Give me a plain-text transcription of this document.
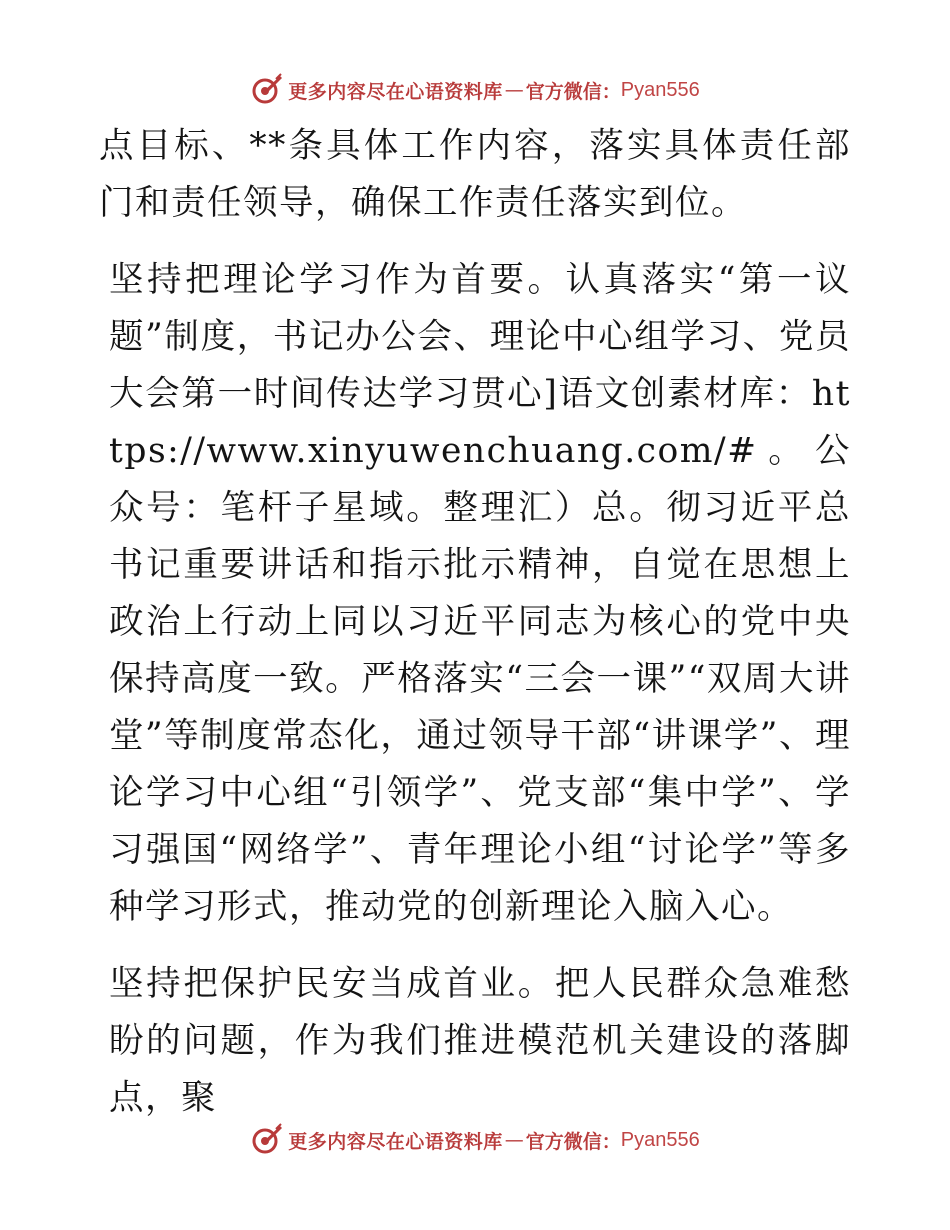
更多内容尽在心语资料库 — 官方微信： Pyan556

点目标、**条具体工作内容，落实具体责任部门和责任领导，确保工作责任落实到位。

坚持把理论学习作为首要。认真落实“第一议题”制度，书记办公会、理论中心组学习、党员大会第一时间传达学习贯心]语文创素材库：https://www.xinyuwenchuang.com/#。公众号：笔杆子星域。整理汇）总。彻习近平总书记重要讲话和指示批示精神，自觉在思想上政治上行动上同以习近平同志为核心的党中央保持高度一致。严格落实“三会一课”“双周大讲堂”等制度常态化，通过领导干部“讲课学”、理论学习中心组“引领学”、党支部“集中学”、学习强国“网络学”、青年理论小组“讨论学”等多种学习形式，推动党的创新理论入脑入心。

坚持把保护民安当成首业。把人民群众急难愁盼的问题，作为我们推进模范机关建设的落脚点，聚

更多内容尽在心语资料库 — 官方微信： Pyan556
